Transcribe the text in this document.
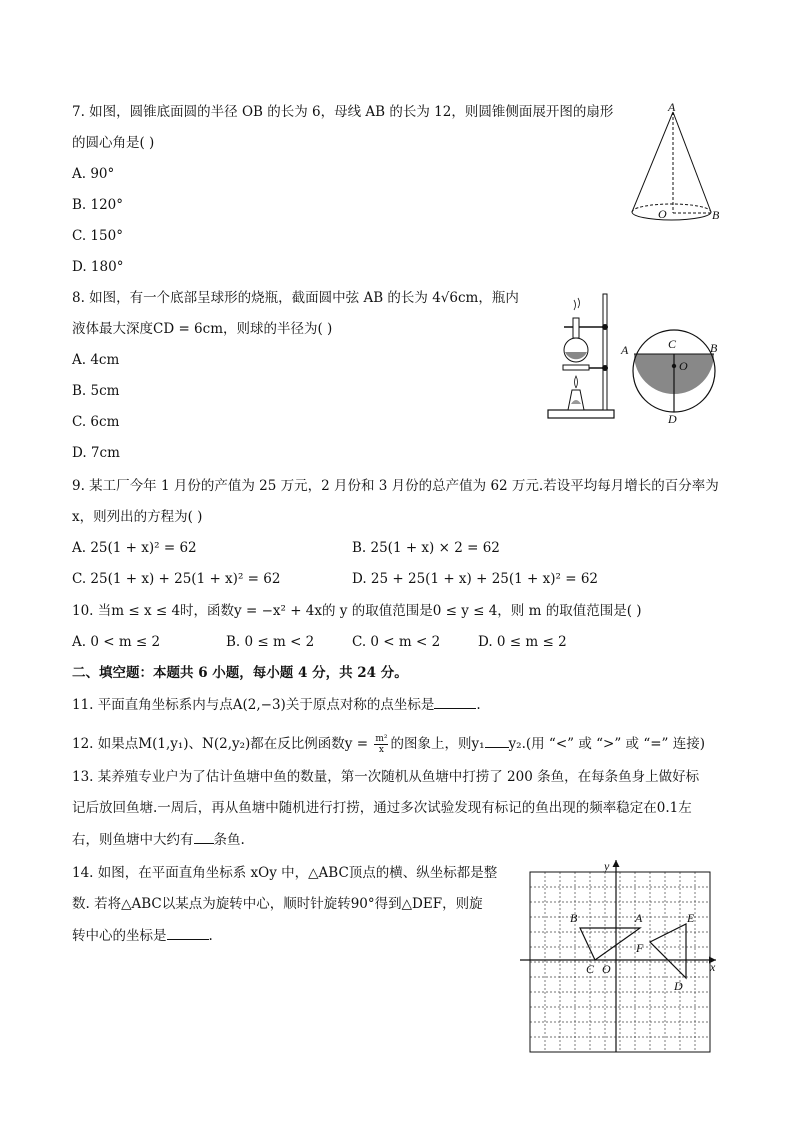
7. 如图，圆锥底面圆的半径 OB 的长为 6，母线 AB 的长为 12，则圆锥侧面展开图的扇形
的圆心角是( )
A. 90°
B. 120°
C. 150°
D. 180°
A
O	B
8. 如图，有一个底部呈球形的烧瓶，截面圆中弦 AB 的长为 4√6cm，瓶内
液体最大深度CD = 6cm，则球的半径为( )
A. 4cm
B. 5cm
C. 6cm
D. 7cm
A	C	B
O
D
9. 某工厂今年 1 月份的产值为 25 万元，2 月份和 3 月份的总产值为 62 万元.若设平均每月增长的百分率为
x，则列出的方程为( )
A. 25(1 + x)² = 62	B. 25(1 + x) × 2 = 62
C. 25(1 + x) + 25(1 + x)² = 62	D. 25 + 25(1 + x) + 25(1 + x)² = 62
10. 当m ≤ x ≤ 4时，函数y = −x² + 4x的 y 的取值范围是0 ≤ y ≤ 4，则 m 的取值范围是( )
A. 0 < m ≤ 2	B. 0 ≤ m < 2	C. 0 < m < 2	D. 0 ≤ m ≤ 2
二、填空题：本题共 6 小题，每小题 4 分，共 24 分。
11. 平面直角坐标系内与点A(2,−3)关于原点对称的点坐标是	.
12. 如果点M(1,y₁)、N(2,y₂)都在反比例函数$y = \frac{\text{m²}}{x}$ 的图象上，则y₁ y₂.(用 “<” 或 “>” 或 “=” 连接)
13. 某养殖专业户为了估计鱼塘中鱼的数量，第一次随机从鱼塘中打捞了 200 条鱼，在每条鱼身上做好标
记后放回鱼塘.一周后，再从鱼塘中随机进行打捞，通过多次试验发现有标记的鱼出现的频率稳定在0.1左
右，则鱼塘中大约有 条鱼.
14. 如图，在平面直角坐标系 xOy 中，△ABC顶点的横、纵坐标都是整
数. 若将△ABC以某点为旋转中心，顺时针旋转90°得到△DEF，则旋
转中心的坐标是	.
x
y
O
B	A
C
F
E
D
